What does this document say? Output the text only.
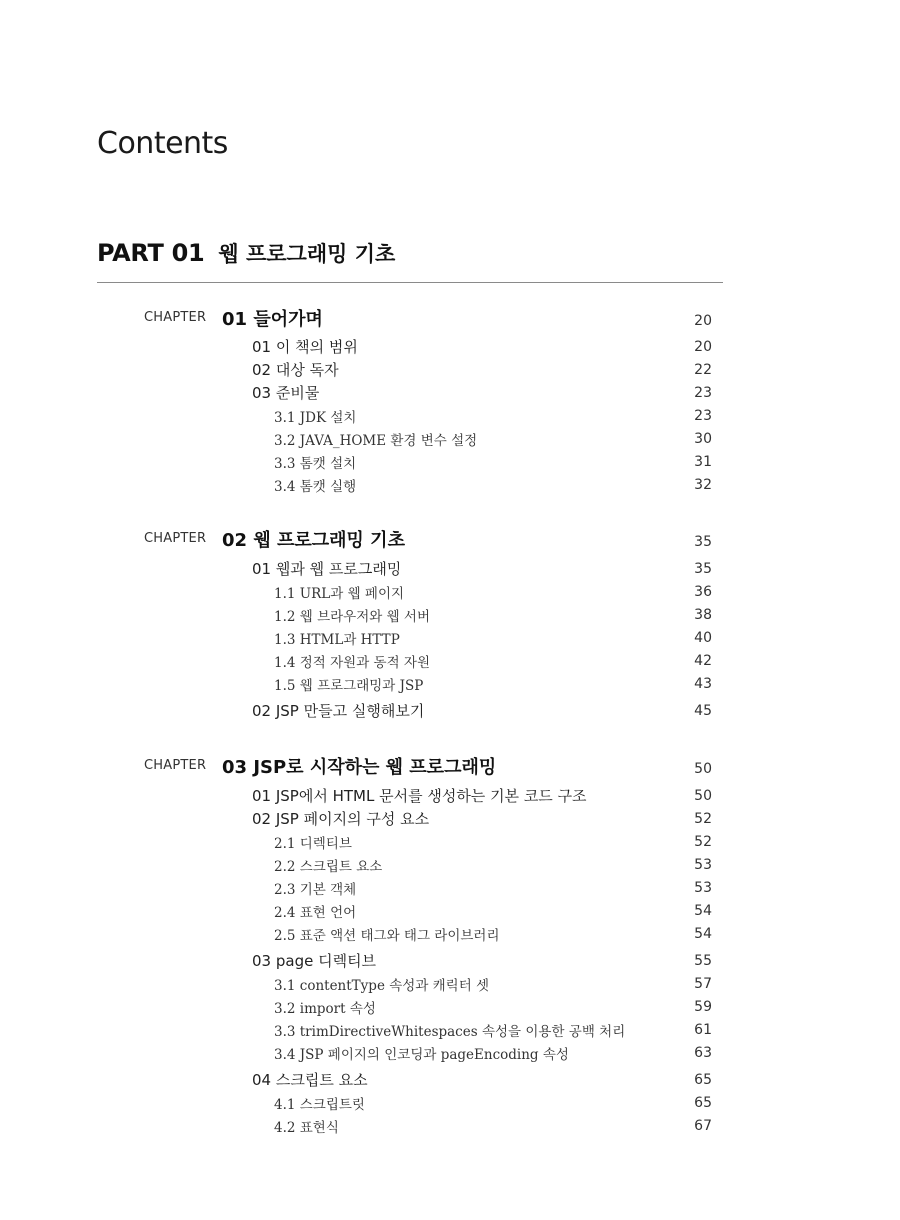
Contents
PART 01 웹 프로그래밍 기초
CHAPTER 01 들어가며	20
01 이 책의 범위	20
02 대상 독자	22
03 준비물	23
3.1 JDK 설치	23
3.2 JAVA_HOME 환경 변수 설정	30
3.3 톰캣 설치	31
3.4 톰캣 실행	32
CHAPTER 02 웹 프로그래밍 기초	35
01 웹과 웹 프로그래밍	35
1.1 URL과 웹 페이지	36
1.2 웹 브라우저와 웹 서버	38
1.3 HTML과 HTTP	40
1.4 정적 자원과 동적 자원	42
1.5 웹 프로그래밍과 JSP	43
02 JSP 만들고 실행해보기	45
CHAPTER 03 JSP로 시작하는 웹 프로그래밍	50
01 JSP에서 HTML 문서를 생성하는 기본 코드 구조	50
02 JSP 페이지의 구성 요소	52
2.1 디렉티브	52
2.2 스크립트 요소	53
2.3 기본 객체	53
2.4 표현 언어	54
2.5 표준 액션 태그와 태그 라이브러리	54
03 page 디렉티브	55
3.1 contentType 속성과 캐릭터 셋	57
3.2 import 속성	59
3.3 trimDirectiveWhitespaces 속성을 이용한 공백 처리	61
3.4 JSP 페이지의 인코딩과 pageEncoding 속성	63
04 스크립트 요소	65
4.1 스크립트릿	65
4.2 표현식	67
